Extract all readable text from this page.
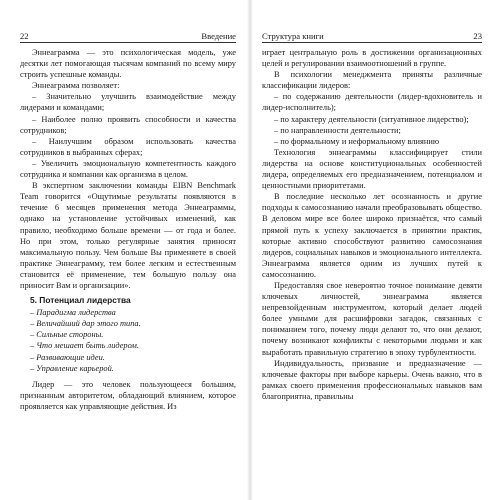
22	Введение

Эннеаграмма — это психологическая модель, уже десятки лет помогающая тысячам компаний по всему миру строить успешные команды.

Эннеаграмма позволяет:

– Значительно улучшить взаимодействие между лидерами и командами;

– Наиболее полно проявить способности и качества сотрудников;

– Наилучшим образом использовать качества сотрудников в выбранных сферах;

– Увеличить эмоциональную компетентность каждого сотрудника и компании как организма в целом.

В экспертном заключении команды EIBN Benchmark Team говорится «Ощутимые результаты появляются в течение 6 месяцев применения метода Эннеаграммы, однако на установление устойчивых изменений, как правило, необходимо больше времени — от года и более. Но при этом, только регулярные занятия приносят максимальную пользу. Чем больше Вы применяете в своей практике Эннеаграмму, тем более легким и естественным становится её применение, тем большую пользу она приносит Вам и организации».

5. Потенциал лидерства

– Парадигма лидерства

– Величайший дар этого типа.

– Сильные стороны.

– Что мешает быть лидером.

– Развивающие идеи.

– Управление карьерой.

Лидер — это человек пользующееся большим, признанным авторитетом, обладающий влиянием, которое проявляется как управляющие действия. Из

Структура книги	23

играет центральную роль в достижении организационных целей и регулировании взаимоотношений в группе.

В психологии менеджмента приняты различные классификации лидеров:

– по содержанию деятельности (лидер-вдохновитель и лидер-исполнитель);

– по характеру деятельности (ситуативное лидерство);

– по направленности деятельности;

– по формальному и неформальному влиянию

Технология эннеаграммы классифицирует стили лидерства на основе конституциональных особенностей лидера, определяемых его предназначением, потенциалом и ценностными приоритетами.

В последние несколько лет осознанность и другие подходы к самосознанию начали преобразовывать общество. В деловом мире все более широко признаётся, что самый прямой путь к успеху заключается в принятии практик, которые активно способствуют развитию самосознания лидеров, социальных навыков и эмоционального интеллекта. Эннеаграмма является одним из лучших путей к самосознанию.

Предоставляя свое невероятно точное понимание девяти ключевых личностей, эннеаграмма является непревзойденным инструментом, который делает людей более умными для расшифровки загадок, связанных с пониманием того, почему люди делают то, что они делают, почему возникают конфликты с некоторыми людьми и как выработать правильную стратегию в эпоху турбулентности.

Индивидуальность, призвание и предназначение — ключевые факторы при выборе карьеры. Очень важно, что в рамках своего применения профессиональных навыков вам благоприятна, правильны
